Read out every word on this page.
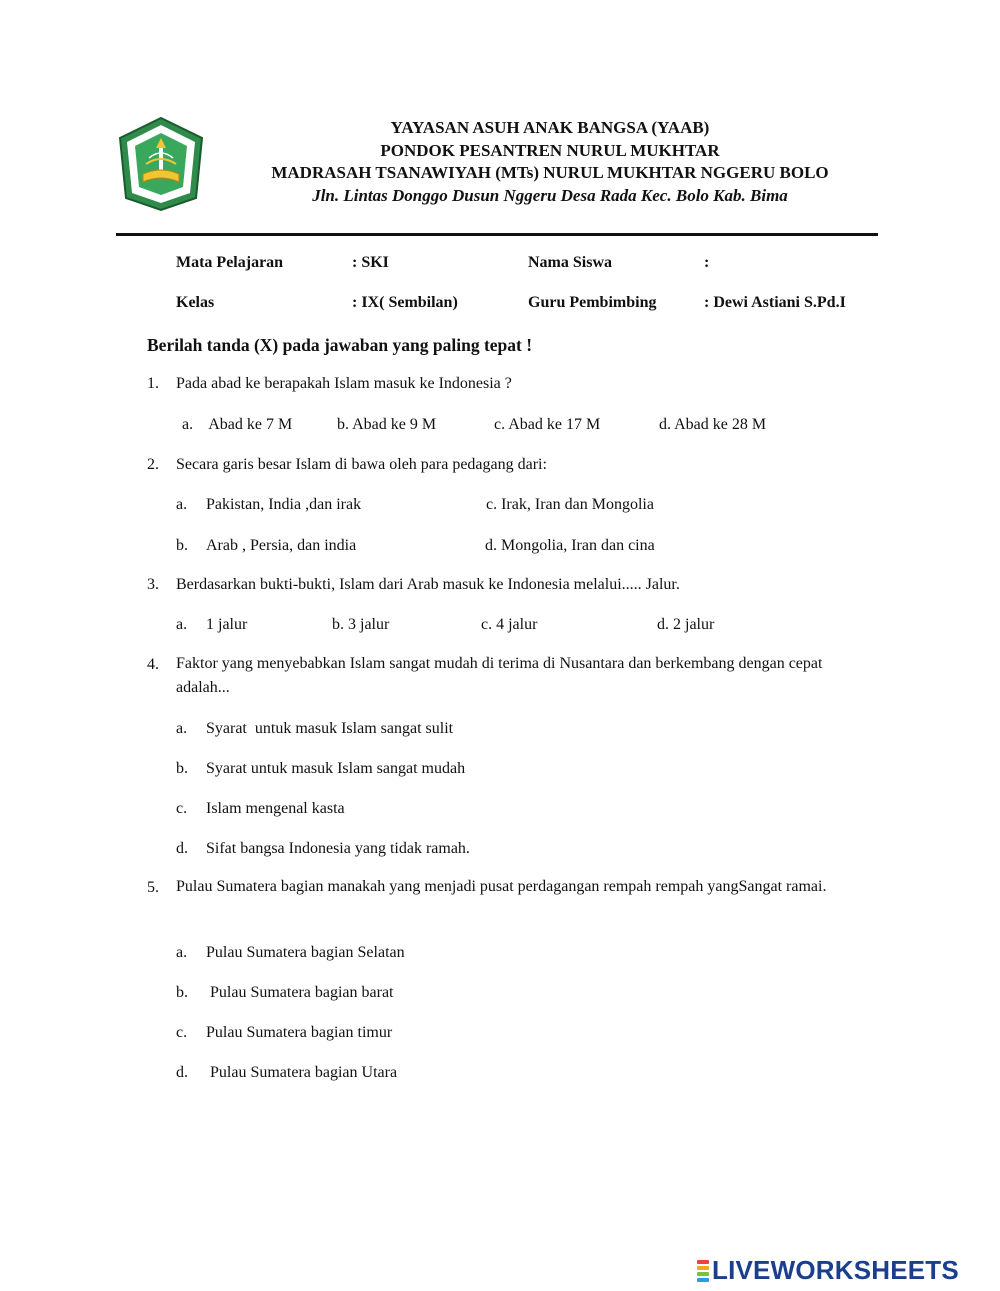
YAYASAN ASUH ANAK BANGSA (YAAB)
PONDOK PESANTREN NURUL MUKHTAR
MADRASAH TSANAWIYAH (MTs) NURUL MUKHTAR NGGERU BOLO
Jln. Lintas Donggo Dusun Nggeru Desa Rada Kec. Bolo Kab. Bima
Mata Pelajaran	: SKI	Nama Siswa	:
Kelas	: IX( Sembilan)	Guru Pembimbing	: Dewi Astiani S.Pd.I
Berilah tanda (X) pada jawaban yang paling tepat !
1. Pada abad ke berapakah Islam masuk ke Indonesia ?
a.    Abad ke 7 M	b. Abad ke 9 M	c. Abad ke 17 M	d. Abad ke 28 M
2. Secara garis besar Islam di bawa oleh para pedagang dari:
a. Pakistan, India ,dan irak	c. Irak, Iran dan Mongolia
b. Arab , Persia, dan india	d. Mongolia, Iran dan cina
3. Berdasarkan bukti-bukti, Islam dari Arab masuk ke Indonesia melalui..... Jalur.
a. 1 jalur	b. 3 jalur	c. 4 jalur	d. 2 jalur
4. Faktor yang menyebabkan Islam sangat mudah di terima di Nusantara dan berkembang dengan cepat adalah...
a. Syarat  untuk masuk Islam sangat sulit
b. Syarat untuk masuk Islam sangat mudah
c. Islam mengenal kasta
d. Sifat bangsa Indonesia yang tidak ramah.
5. Pulau Sumatera bagian manakah yang menjadi pusat perdagangan rempah rempah yangSangat ramai.
a. Pulau Sumatera bagian Selatan
b. Pulau Sumatera bagian barat
c. Pulau Sumatera bagian timur
d. Pulau Sumatera bagian Utara
LIVEWORKSHEETS
